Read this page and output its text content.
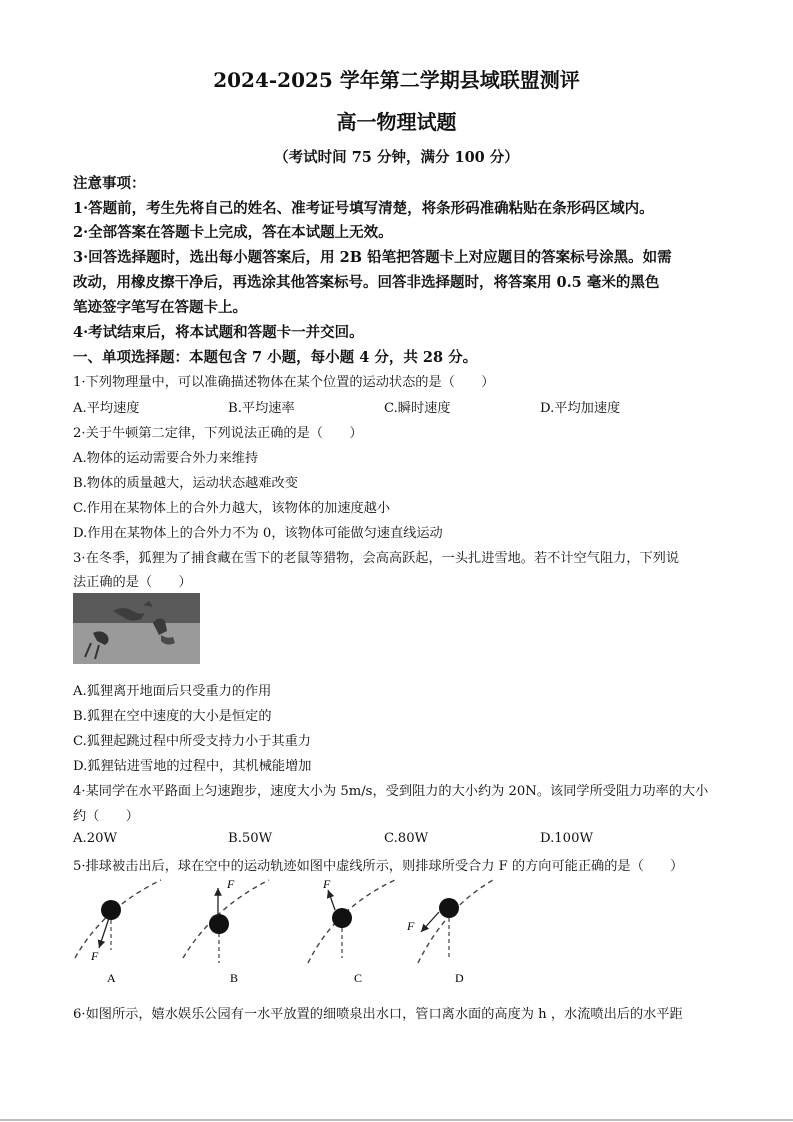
2024-2025 学年第二学期县域联盟测评
高一物理试题
（考试时间 75 分钟，满分 100 分）
注意事项：
1·答题前，考生先将自己的姓名、准考证号填写清楚，将条形码准确粘贴在条形码区域内。
2·全部答案在答题卡上完成，答在本试题上无效。
3·回答选择题时，选出每小题答案后，用 2B 铅笔把答题卡上对应题目的答案标号涂黑。如需
改动，用橡皮擦干净后，再选涂其他答案标号。回答非选择题时，将答案用 0.5 毫米的黑色
笔迹签字笔写在答题卡上。
4·考试结束后，将本试题和答题卡一并交回。
一、单项选择题：本题包含 7 小题，每小题 4 分，共 28 分。
1·下列物理量中，可以准确描述物体在某个位置的运动状态的是（　　）
A.平均速度	B.平均速率	C.瞬时速度	D.平均加速度
2·关于牛顿第二定律，下列说法正确的是（　　）
A.物体的运动需要合外力来维持
B.物体的质量越大，运动状态越难改变
C.作用在某物体上的合外力越大，该物体的加速度越小
D.作用在某物体上的合外力不为 0，该物体可能做匀速直线运动
3·在冬季，狐狸为了捕食藏在雪下的老鼠等猎物，会高高跃起，一头扎进雪地。若不计空气阻力，下列说
法正确的是（　　）
A.狐狸离开地面后只受重力的作用
B.狐狸在空中速度的大小是恒定的
C.狐狸起跳过程中所受支持力小于其重力
D.狐狸钻进雪地的过程中，其机械能增加
4·某同学在水平路面上匀速跑步，速度大小为 5m/s，受到阻力的大小约为 20N。该同学所受阻力功率的大小
约（　　）
A.20W	B.50W	C.80W	D.100W
5·排球被击出后，球在空中的运动轨迹如图中虚线所示，则排球所受合力 F 的方向可能正确的是（　　）
F
A
F
B
F
C
F
D
6·如图所示，嬉水娱乐公园有一水平放置的细喷泉出水口，管口离水面的高度为 h ，水流喷出后的水平距
